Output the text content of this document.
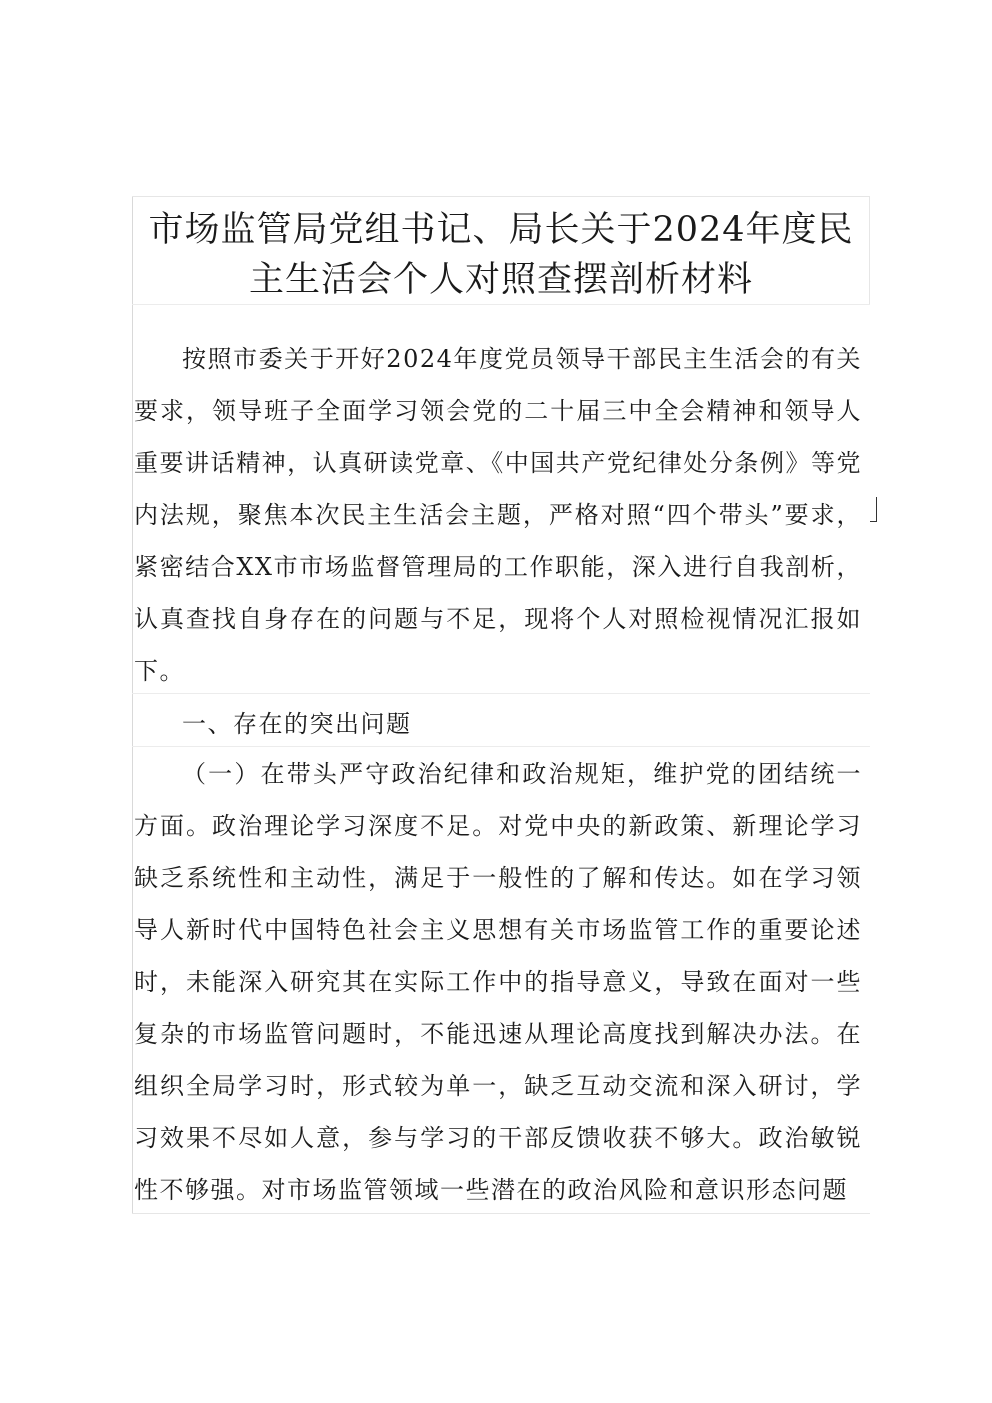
市场监管局党组书记、局长关于2024年度民主生活会个人对照查摆剖析材料

按照市委关于开好2024年度党员领导干部民主生活会的有关要求，领导班子全面学习领会党的二十届三中全会精神和领导人重要讲话精神，认真研读党章、《中国共产党纪律处分条例》等党内法规，聚焦本次民主生活会主题，严格对照“四个带头”要求，紧密结合XX市市场监督管理局的工作职能，深入进行自我剖析，认真查找自身存在的问题与不足，现将个人对照检视情况汇报如下。

一、存在的突出问题

（一）在带头严守政治纪律和政治规矩，维护党的团结统一方面。政治理论学习深度不足。对党中央的新政策、新理论学习缺乏系统性和主动性，满足于一般性的了解和传达。如在学习领导人新时代中国特色社会主义思想有关市场监管工作的重要论述时，未能深入研究其在实际工作中的指导意义，导致在面对一些复杂的市场监管问题时，不能迅速从理论高度找到解决办法。在组织全局学习时，形式较为单一，缺乏互动交流和深入研讨，学习效果不尽如人意，参与学习的干部反馈收获不够大。政治敏锐性不够强。对市场监管领域一些潜在的政治风险和意识形态问题
